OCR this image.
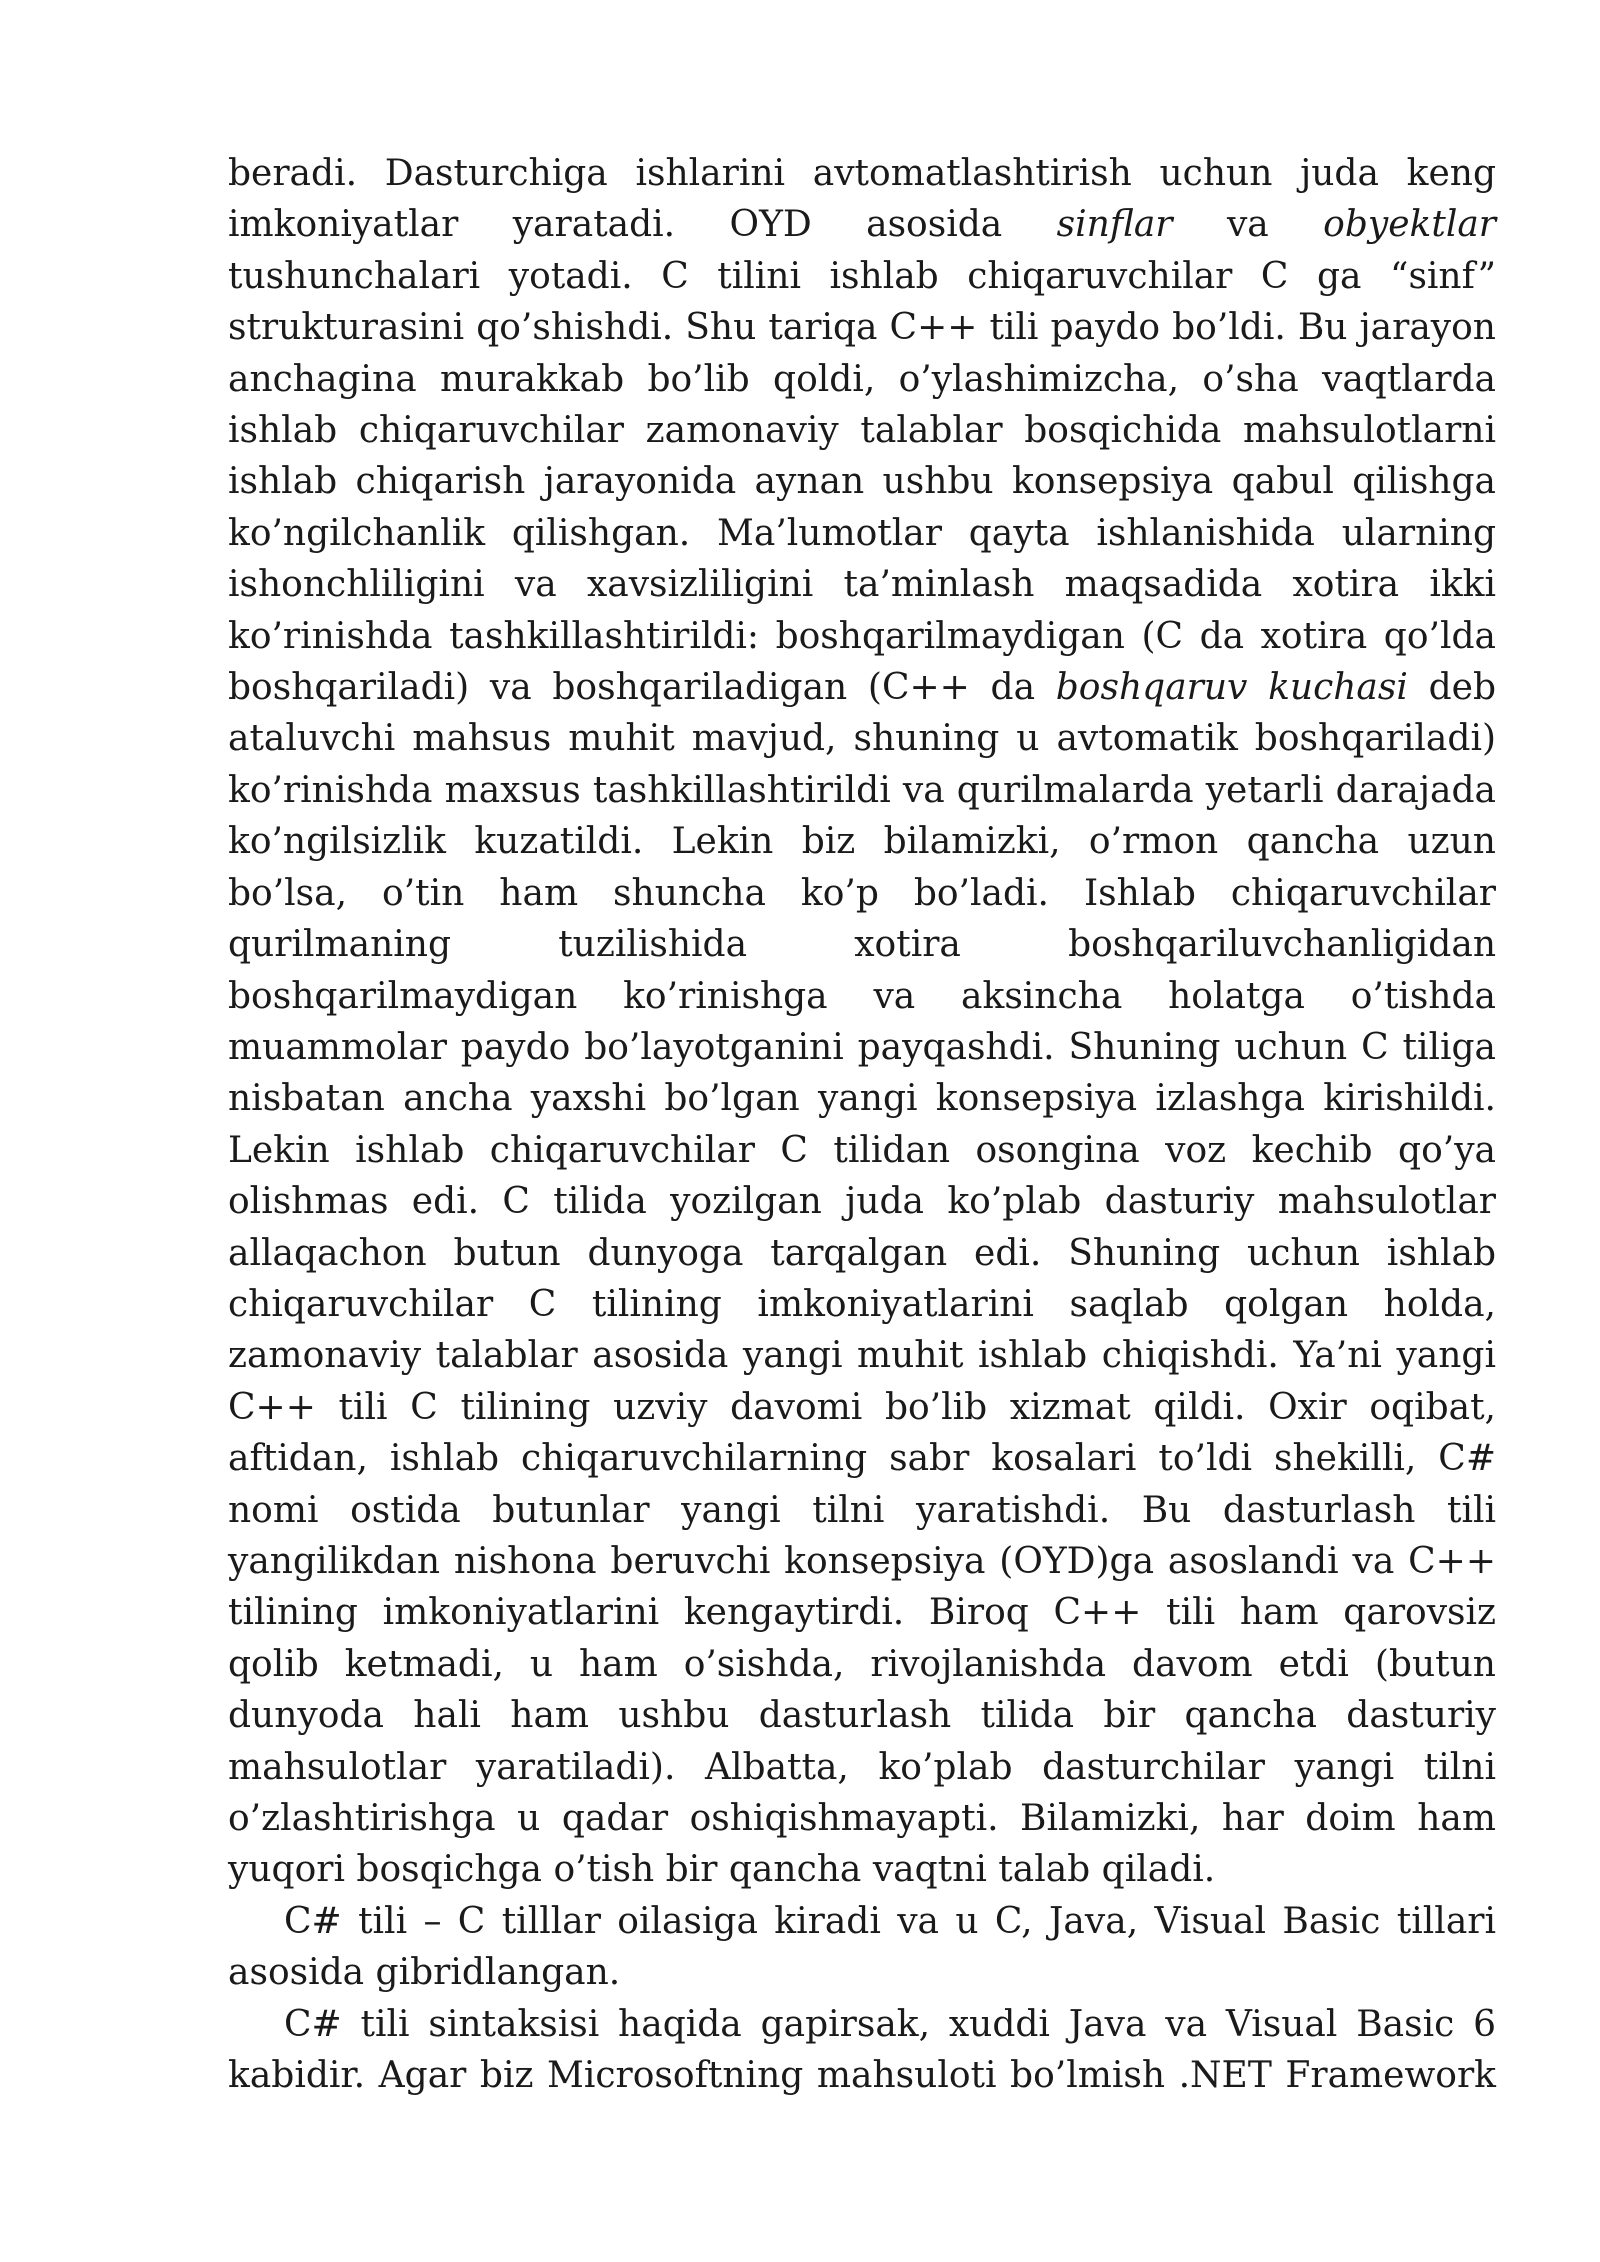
beradi. Dasturchiga ishlarini avtomatlashtirish uchun juda keng imkoniyatlar yaratadi. OYD asosida sinflar va obyektlar tushunchalari yotadi. C tilini ishlab chiqaruvchilar C ga “sinf” strukturasini qo’shishdi. Shu tariqa C++ tili paydo bo’ldi. Bu jarayon anchagina murakkab bo’lib qoldi, o’ylashimizcha, o’sha vaqtlarda ishlab chiqaruvchilar zamonaviy talablar bosqichida mahsulotlarni ishlab chiqarish jarayonida aynan ushbu konsepsiya qabul qilishga ko’ngilchanlik qilishgan. Ma’lumotlar qayta ishlanishida ularning ishonchliligini va xavsizliligini ta’minlash maqsadida xotira ikki ko’rinishda tashkillashtirildi: boshqarilmaydigan (C da xotira qo’lda boshqariladi) va boshqariladigan (C++ da boshqaruv kuchasi deb ataluvchi mahsus muhit mavjud, shuning u avtomatik boshqariladi) ko’rinishda maxsus tashkillashtirildi va qurilmalarda yetarli darajada ko’ngilsizlik kuzatildi. Lekin biz bilamizki, o’rmon qancha uzun bo’lsa, o’tin ham shuncha ko’p bo’ladi. Ishlab chiqaruvchilar qurilmaning tuzilishida xotira boshqariluvchanligidan boshqarilmaydigan ko’rinishga va aksincha holatga o’tishda muammolar paydo bo’layotganini payqashdi. Shuning uchun C tiliga nisbatan ancha yaxshi bo’lgan yangi konsepsiya izlashga kirishildi. Lekin ishlab chiqaruvchilar C tilidan osongina voz kechib qo’ya olishmas edi. C tilida yozilgan juda ko’plab dasturiy mahsulotlar allaqachon butun dunyoga tarqalgan edi. Shuning uchun ishlab chiqaruvchilar C tilining imkoniyatlarini saqlab qolgan holda, zamonaviy talablar asosida yangi muhit ishlab chiqishdi. Ya’ni yangi C++ tili C tilining uzviy davomi bo’lib xizmat qildi. Oxir oqibat, aftidan, ishlab chiqaruvchilarning sabr kosalari to’ldi shekilli, C# nomi ostida butunlar yangi tilni yaratishdi. Bu dasturlash tili yangilikdan nishona beruvchi konsepsiya (OYD)ga asoslandi va C++ tilining imkoniyatlarini kengaytirdi. Biroq C++ tili ham qarovsiz qolib ketmadi, u ham o’sishda, rivojlanishda davom etdi (butun dunyoda hali ham ushbu dasturlash tilida bir qancha dasturiy mahsulotlar yaratiladi). Albatta, ko’plab dasturchilar yangi tilni o’zlashtirishga u qadar oshiqishmayapti. Bilamizki, har doim ham yuqori bosqichga o’tish bir qancha vaqtni talab qiladi.

C# tili – C tilllar oilasiga kiradi va u C, Java, Visual Basic tillari asosida gibridlangan.

C# tili sintaksisi haqida gapirsak, xuddi Java va Visual Basic 6 kabidir. Agar biz Microsoftning mahsuloti bo’lmish .NET Framework
